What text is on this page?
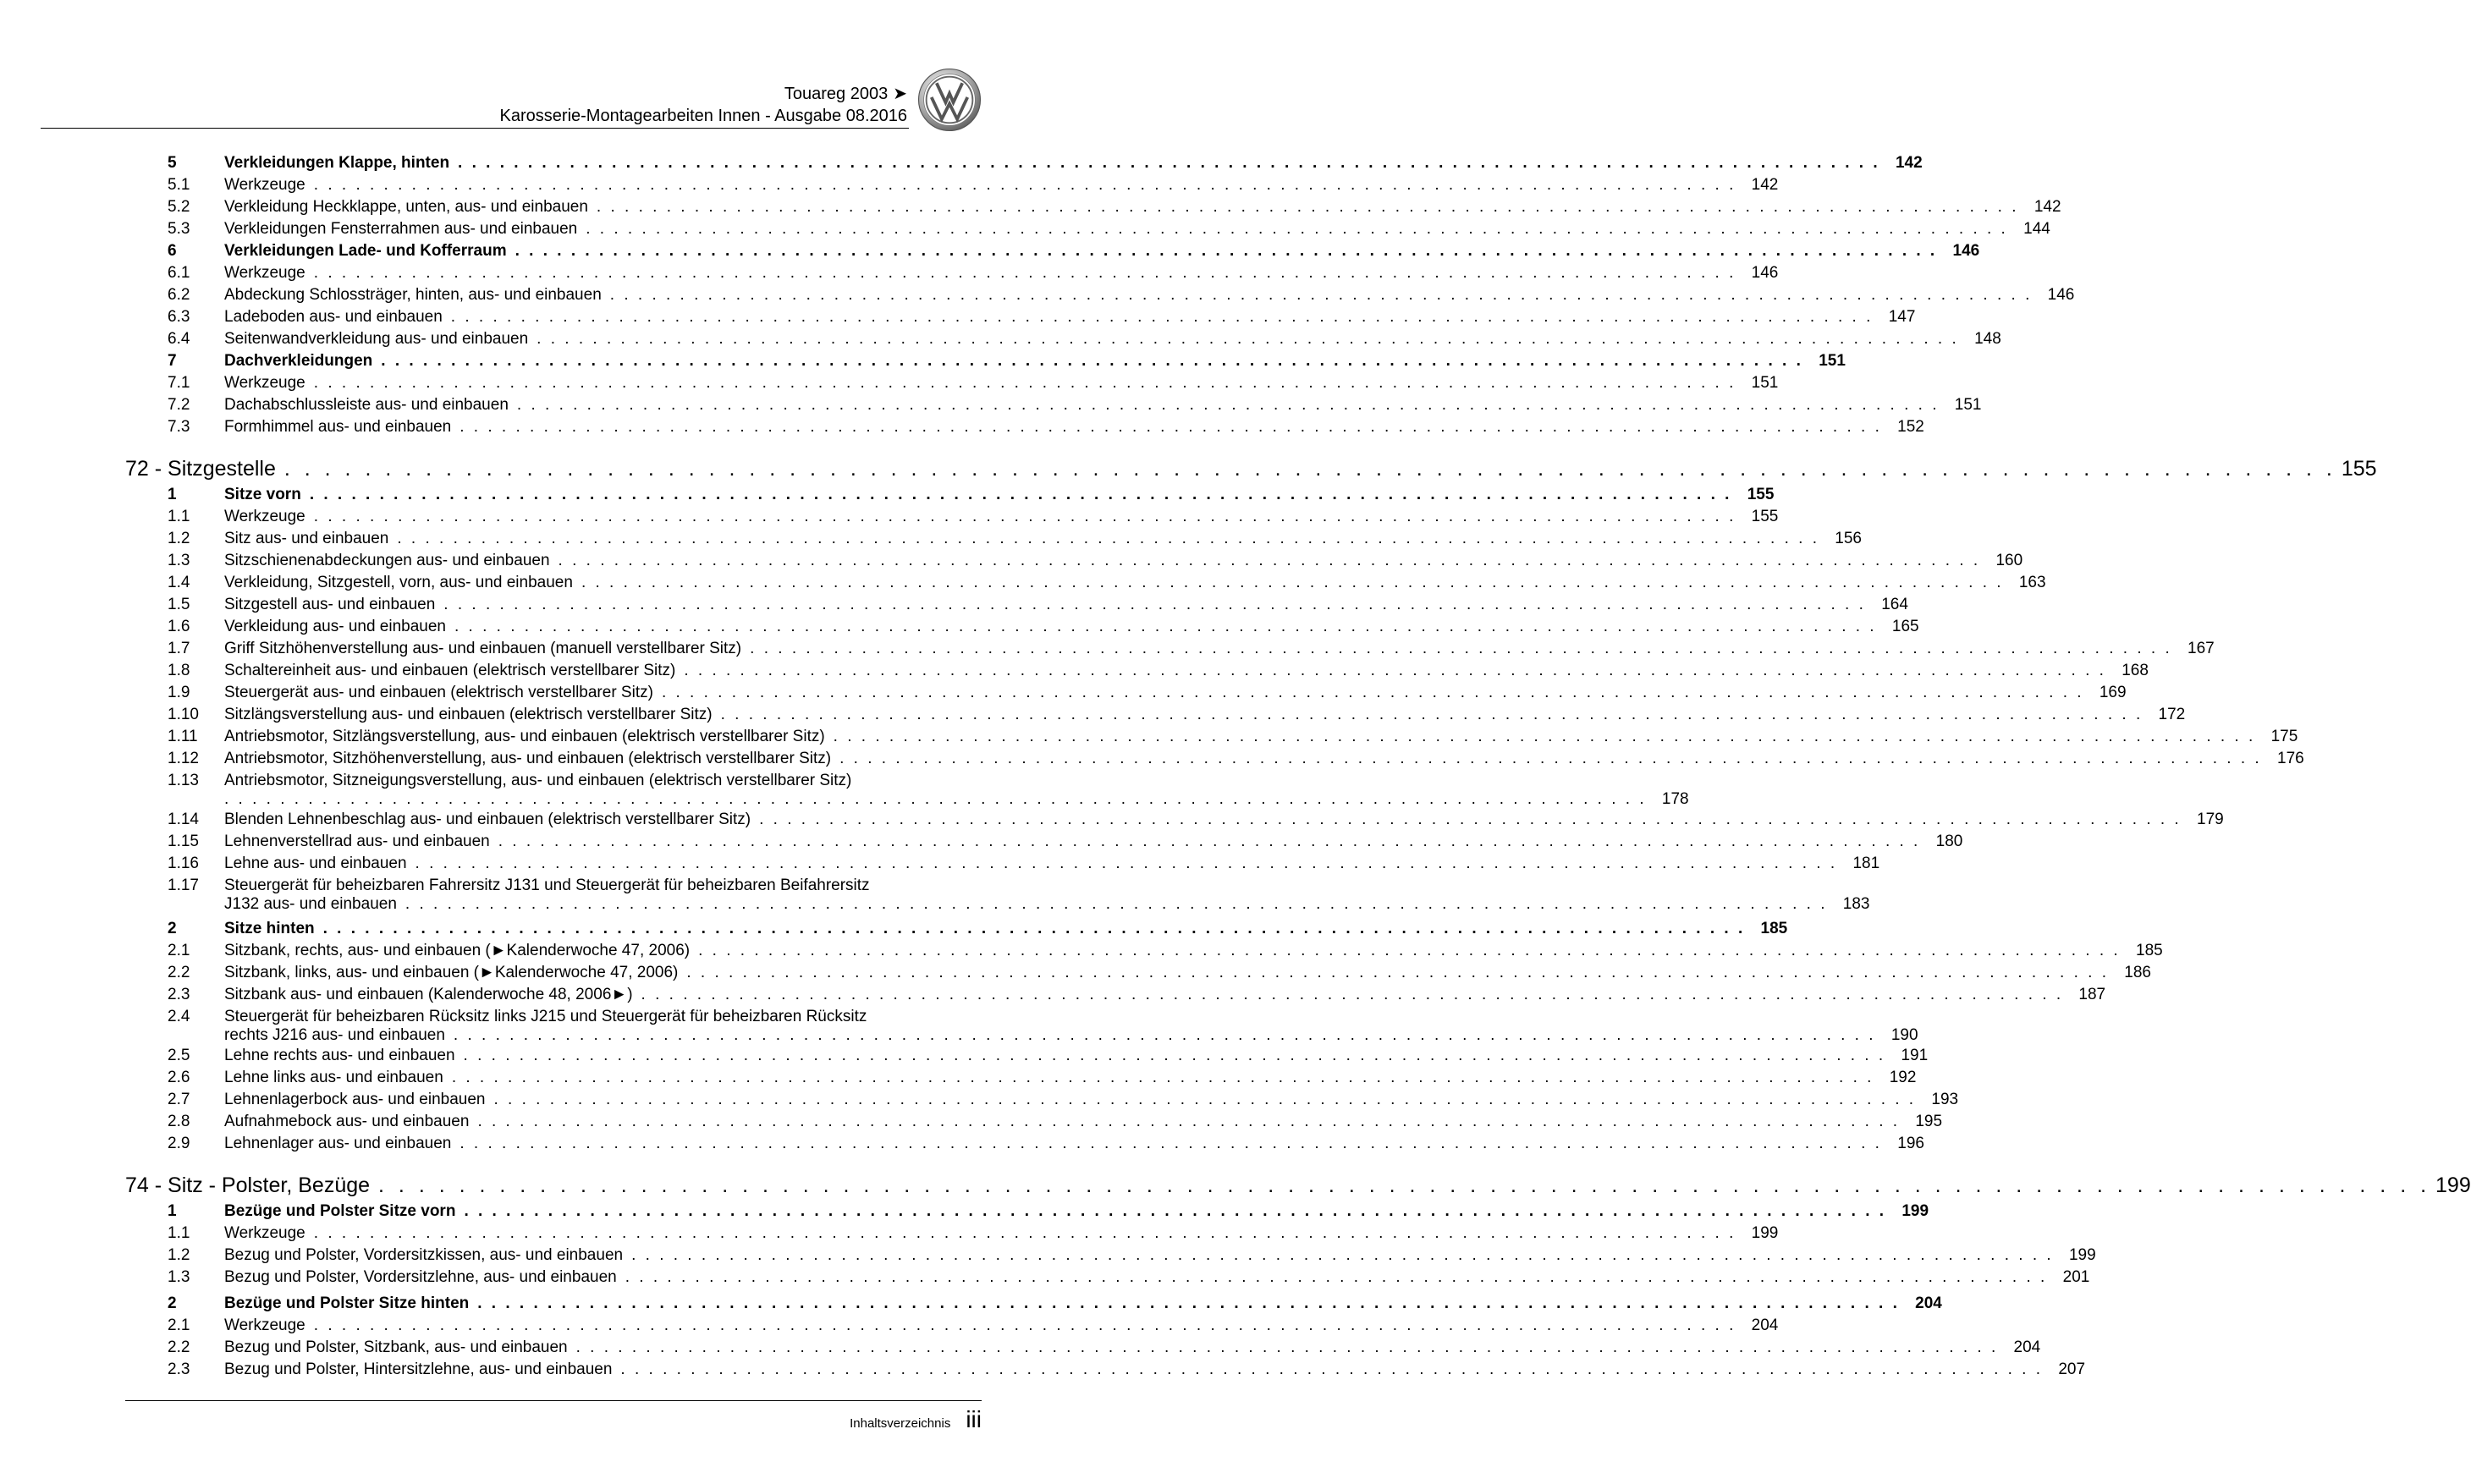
Touareg 2003 ➤
Karosserie-Montagearbeiten Innen - Ausgabe 08.2016
5	Verkleidungen Klappe, hinten . . . . . . . . . . . . . . . . . . . . . . . . . . . . . . . . . . . . . . . . . . . . . . . . . . . . . . . . . . . . . . . . . . . . . . . . . . . . . . . . . . . . . . . . . . . . . . . . . . . . . . 142
5.1	Werkzeuge . . . . . . . . . . . . . . . . . . . . . . . . . . . . . . . . . . . . . . . . . . . . . . . . . . . . . . . . . . . . . . . . . . . . . . . . . . . . . . . . . . . . . . . . . . . . . . . . . . . . . . 142
5.2	Verkleidung Heckklappe, unten, aus- und einbauen . . . . . . . . . . . . . . . . . . . . . . . . . . . . . . . . . . . . . . . . . . . . . . . . . . . . . . . . . . . . . . . . . . . . . . . . . . . . . . . . . . . . . . . . . . . . . . . . . . . . . . 142
5.3	Verkleidungen Fensterrahmen aus- und einbauen . . . . . . . . . . . . . . . . . . . . . . . . . . . . . . . . . . . . . . . . . . . . . . . . . . . . . . . . . . . . . . . . . . . . . . . . . . . . . . . . . . . . . . . . . . . . . . . . . . . . . . 144
6	Verkleidungen Lade- und Kofferraum . . . . . . . . . . . . . . . . . . . . . . . . . . . . . . . . . . . . . . . . . . . . . . . . . . . . . . . . . . . . . . . . . . . . . . . . . . . . . . . . . . . . . . . . . . . . . . . . . . . . . . 146
6.1	Werkzeuge . . . . . . . . . . . . . . . . . . . . . . . . . . . . . . . . . . . . . . . . . . . . . . . . . . . . . . . . . . . . . . . . . . . . . . . . . . . . . . . . . . . . . . . . . . . . . . . . . . . . . . 146
6.2	Abdeckung Schlossträger, hinten, aus- und einbauen . . . . . . . . . . . . . . . . . . . . . . . . . . . . . . . . . . . . . . . . . . . . . . . . . . . . . . . . . . . . . . . . . . . . . . . . . . . . . . . . . . . . . . . . . . . . . . . . . . . . . . 146
6.3	Ladeboden aus- und einbauen . . . . . . . . . . . . . . . . . . . . . . . . . . . . . . . . . . . . . . . . . . . . . . . . . . . . . . . . . . . . . . . . . . . . . . . . . . . . . . . . . . . . . . . . . . . . . . . . . . . . . . 147
6.4	Seitenwandverkleidung aus- und einbauen . . . . . . . . . . . . . . . . . . . . . . . . . . . . . . . . . . . . . . . . . . . . . . . . . . . . . . . . . . . . . . . . . . . . . . . . . . . . . . . . . . . . . . . . . . . . . . . . . . . . . . 148
7	Dachverkleidungen . . . . . . . . . . . . . . . . . . . . . . . . . . . . . . . . . . . . . . . . . . . . . . . . . . . . . . . . . . . . . . . . . . . . . . . . . . . . . . . . . . . . . . . . . . . . . . . . . . . . . . 151
7.1	Werkzeuge . . . . . . . . . . . . . . . . . . . . . . . . . . . . . . . . . . . . . . . . . . . . . . . . . . . . . . . . . . . . . . . . . . . . . . . . . . . . . . . . . . . . . . . . . . . . . . . . . . . . . . 151
7.2	Dachabschlussleiste aus- und einbauen . . . . . . . . . . . . . . . . . . . . . . . . . . . . . . . . . . . . . . . . . . . . . . . . . . . . . . . . . . . . . . . . . . . . . . . . . . . . . . . . . . . . . . . . . . . . . . . . . . . . . . 151
7.3	Formhimmel aus- und einbauen . . . . . . . . . . . . . . . . . . . . . . . . . . . . . . . . . . . . . . . . . . . . . . . . . . . . . . . . . . . . . . . . . . . . . . . . . . . . . . . . . . . . . . . . . . . . . . . . . . . . . . 152
72 - Sitzgestelle . . . . . . . . . . . . . . . . . . . . . . . . . . . . . . . . . . . . . . . . . . . . . . . . . . . . . . . . . . . . . . . . . . . . . . . . . . . . . . . . . . . . . . . . . . . . . . . . . . . . . . 155
1	Sitze vorn . . . . . . . . . . . . . . . . . . . . . . . . . . . . . . . . . . . . . . . . . . . . . . . . . . . . . . . . . . . . . . . . . . . . . . . . . . . . . . . . . . . . . . . . . . . . . . . . . . . . . . 155
1.1	Werkzeuge . . . . . . . . . . . . . . . . . . . . . . . . . . . . . . . . . . . . . . . . . . . . . . . . . . . . . . . . . . . . . . . . . . . . . . . . . . . . . . . . . . . . . . . . . . . . . . . . . . . . . . 155
1.2	Sitz aus- und einbauen . . . . . . . . . . . . . . . . . . . . . . . . . . . . . . . . . . . . . . . . . . . . . . . . . . . . . . . . . . . . . . . . . . . . . . . . . . . . . . . . . . . . . . . . . . . . . . . . . . . . . . 156
1.3	Sitzschienenabdeckungen aus- und einbauen . . . . . . . . . . . . . . . . . . . . . . . . . . . . . . . . . . . . . . . . . . . . . . . . . . . . . . . . . . . . . . . . . . . . . . . . . . . . . . . . . . . . . . . . . . . . . . . . . . . . . . 160
1.4	Verkleidung, Sitzgestell, vorn, aus- und einbauen . . . . . . . . . . . . . . . . . . . . . . . . . . . . . . . . . . . . . . . . . . . . . . . . . . . . . . . . . . . . . . . . . . . . . . . . . . . . . . . . . . . . . . . . . . . . . . . . . . . . . . 163
1.5	Sitzgestell aus- und einbauen . . . . . . . . . . . . . . . . . . . . . . . . . . . . . . . . . . . . . . . . . . . . . . . . . . . . . . . . . . . . . . . . . . . . . . . . . . . . . . . . . . . . . . . . . . . . . . . . . . . . . . 164
1.6	Verkleidung aus- und einbauen . . . . . . . . . . . . . . . . . . . . . . . . . . . . . . . . . . . . . . . . . . . . . . . . . . . . . . . . . . . . . . . . . . . . . . . . . . . . . . . . . . . . . . . . . . . . . . . . . . . . . . 165
1.7	Griff Sitzhöhenverstellung aus- und einbauen (manuell verstellbarer Sitz) . . . . . . . . . . . . . . . . . . . . . . . . . . . . . . . . . . . . . . . . . . . . . . . . . . . . . . . . . . . . . . . . . . . . . . . . . . . . . . . . . . . . . . . . . . . . . . . . . . . . . . 167
1.8	Schaltereinheit aus- und einbauen (elektrisch verstellbarer Sitz) . . . . . . . . . . . . . . . . . . . . . . . . . . . . . . . . . . . . . . . . . . . . . . . . . . . . . . . . . . . . . . . . . . . . . . . . . . . . . . . . . . . . . . . . . . . . . . . . . . . . . . 168
1.9	Steuergerät aus- und einbauen (elektrisch verstellbarer Sitz) . . . . . . . . . . . . . . . . . . . . . . . . . . . . . . . . . . . . . . . . . . . . . . . . . . . . . . . . . . . . . . . . . . . . . . . . . . . . . . . . . . . . . . . . . . . . . . . . . . . . . . 169
1.10	Sitzlängsverstellung aus- und einbauen (elektrisch verstellbarer Sitz) . . . . . . . . . . . . . . . . . . . . . . . . . . . . . . . . . . . . . . . . . . . . . . . . . . . . . . . . . . . . . . . . . . . . . . . . . . . . . . . . . . . . . . . . . . . . . . . . . . . . . . 172
1.11	Antriebsmotor, Sitzlängsverstellung, aus- und einbauen (elektrisch verstellbarer Sitz) . . . . . . . . . . . . . . . . . . . . . . . . . . . . . . . . . . . . . . . . . . . . . . . . . . . . . . . . . . . . . . . . . . . . . . . . . . . . . . . . . . . . . . . . . . . . . . . . . . . . . . 175
1.12	Antriebsmotor, Sitzhöhenverstellung, aus- und einbauen (elektrisch verstellbarer Sitz) . . . . . . . . . . . . . . . . . . . . . . . . . . . . . . . . . . . . . . . . . . . . . . . . . . . . . . . . . . . . . . . . . . . . . . . . . . . . . . . . . . . . . . . . . . . . . . . . . . . . . . 176
1.13	Antriebsmotor, Sitzneigungsverstellung, aus- und einbauen (elektrisch verstellbarer Sitz)
. . . . . . . . . . . . . . . . . . . . . . . . . . . . . . . . . . . . . . . . . . . . . . . . . . . . . . . . . . . . . . . . . . . . . . . . . . . . . . . . . . . . . . . . . . . . . . . . . . . . . . 178
1.14	Blenden Lehnenbeschlag aus- und einbauen (elektrisch verstellbarer Sitz) . . . . . . . . . . . . . . . . . . . . . . . . . . . . . . . . . . . . . . . . . . . . . . . . . . . . . . . . . . . . . . . . . . . . . . . . . . . . . . . . . . . . . . . . . . . . . . . . . . . . . . 179
1.15	Lehnenverstellrad aus- und einbauen . . . . . . . . . . . . . . . . . . . . . . . . . . . . . . . . . . . . . . . . . . . . . . . . . . . . . . . . . . . . . . . . . . . . . . . . . . . . . . . . . . . . . . . . . . . . . . . . . . . . . . 180
1.16	Lehne aus- und einbauen . . . . . . . . . . . . . . . . . . . . . . . . . . . . . . . . . . . . . . . . . . . . . . . . . . . . . . . . . . . . . . . . . . . . . . . . . . . . . . . . . . . . . . . . . . . . . . . . . . . . . . 181
1.17	Steuergerät für beheizbaren Fahrersitz J131 und Steuergerät für beheizbaren Beifahrersitz
J132 aus- und einbauen . . . . . . . . . . . . . . . . . . . . . . . . . . . . . . . . . . . . . . . . . . . . . . . . . . . . . . . . . . . . . . . . . . . . . . . . . . . . . . . . . . . . . . . . . . . . . . . . . . . . . . 183
2	Sitze hinten . . . . . . . . . . . . . . . . . . . . . . . . . . . . . . . . . . . . . . . . . . . . . . . . . . . . . . . . . . . . . . . . . . . . . . . . . . . . . . . . . . . . . . . . . . . . . . . . . . . . . . 185
2.1	Sitzbank, rechts, aus- und einbauen (►Kalenderwoche 47, 2006) . . . . . . . . . . . . . . . . . . . . . . . . . . . . . . . . . . . . . . . . . . . . . . . . . . . . . . . . . . . . . . . . . . . . . . . . . . . . . . . . . . . . . . . . . . . . . . . . . . . . . . 185
2.2	Sitzbank, links, aus- und einbauen (►Kalenderwoche 47, 2006) . . . . . . . . . . . . . . . . . . . . . . . . . . . . . . . . . . . . . . . . . . . . . . . . . . . . . . . . . . . . . . . . . . . . . . . . . . . . . . . . . . . . . . . . . . . . . . . . . . . . . . 186
2.3	Sitzbank aus- und einbauen (Kalenderwoche 48, 2006►) . . . . . . . . . . . . . . . . . . . . . . . . . . . . . . . . . . . . . . . . . . . . . . . . . . . . . . . . . . . . . . . . . . . . . . . . . . . . . . . . . . . . . . . . . . . . . . . . . . . . . . 187
2.4	Steuergerät für beheizbaren Rücksitz links J215 und Steuergerät für beheizbaren Rücksitz
rechts J216 aus- und einbauen . . . . . . . . . . . . . . . . . . . . . . . . . . . . . . . . . . . . . . . . . . . . . . . . . . . . . . . . . . . . . . . . . . . . . . . . . . . . . . . . . . . . . . . . . . . . . . . . . . . . . . 190
2.5	Lehne rechts aus- und einbauen . . . . . . . . . . . . . . . . . . . . . . . . . . . . . . . . . . . . . . . . . . . . . . . . . . . . . . . . . . . . . . . . . . . . . . . . . . . . . . . . . . . . . . . . . . . . . . . . . . . . . . 191
2.6	Lehne links aus- und einbauen . . . . . . . . . . . . . . . . . . . . . . . . . . . . . . . . . . . . . . . . . . . . . . . . . . . . . . . . . . . . . . . . . . . . . . . . . . . . . . . . . . . . . . . . . . . . . . . . . . . . . . 192
2.7	Lehnenlagerbock aus- und einbauen . . . . . . . . . . . . . . . . . . . . . . . . . . . . . . . . . . . . . . . . . . . . . . . . . . . . . . . . . . . . . . . . . . . . . . . . . . . . . . . . . . . . . . . . . . . . . . . . . . . . . . 193
2.8	Aufnahmebock aus- und einbauen . . . . . . . . . . . . . . . . . . . . . . . . . . . . . . . . . . . . . . . . . . . . . . . . . . . . . . . . . . . . . . . . . . . . . . . . . . . . . . . . . . . . . . . . . . . . . . . . . . . . . . 195
2.9	Lehnenlager aus- und einbauen . . . . . . . . . . . . . . . . . . . . . . . . . . . . . . . . . . . . . . . . . . . . . . . . . . . . . . . . . . . . . . . . . . . . . . . . . . . . . . . . . . . . . . . . . . . . . . . . . . . . . . 196
74 - Sitz - Polster, Bezüge . . . . . . . . . . . . . . . . . . . . . . . . . . . . . . . . . . . . . . . . . . . . . . . . . . . . . . . . . . . . . . . . . . . . . . . . . . . . . . . . . . . . . . . . . . . . . . . . . . . . . . 199
1	Bezüge und Polster Sitze vorn . . . . . . . . . . . . . . . . . . . . . . . . . . . . . . . . . . . . . . . . . . . . . . . . . . . . . . . . . . . . . . . . . . . . . . . . . . . . . . . . . . . . . . . . . . . . . . . . . . . . . . 199
1.1	Werkzeuge . . . . . . . . . . . . . . . . . . . . . . . . . . . . . . . . . . . . . . . . . . . . . . . . . . . . . . . . . . . . . . . . . . . . . . . . . . . . . . . . . . . . . . . . . . . . . . . . . . . . . . 199
1.2	Bezug und Polster, Vordersitzkissen, aus- und einbauen . . . . . . . . . . . . . . . . . . . . . . . . . . . . . . . . . . . . . . . . . . . . . . . . . . . . . . . . . . . . . . . . . . . . . . . . . . . . . . . . . . . . . . . . . . . . . . . . . . . . . . 199
1.3	Bezug und Polster, Vordersitzlehne, aus- und einbauen . . . . . . . . . . . . . . . . . . . . . . . . . . . . . . . . . . . . . . . . . . . . . . . . . . . . . . . . . . . . . . . . . . . . . . . . . . . . . . . . . . . . . . . . . . . . . . . . . . . . . . 201
2	Bezüge und Polster Sitze hinten . . . . . . . . . . . . . . . . . . . . . . . . . . . . . . . . . . . . . . . . . . . . . . . . . . . . . . . . . . . . . . . . . . . . . . . . . . . . . . . . . . . . . . . . . . . . . . . . . . . . . . 204
2.1	Werkzeuge . . . . . . . . . . . . . . . . . . . . . . . . . . . . . . . . . . . . . . . . . . . . . . . . . . . . . . . . . . . . . . . . . . . . . . . . . . . . . . . . . . . . . . . . . . . . . . . . . . . . . . 204
2.2	Bezug und Polster, Sitzbank, aus- und einbauen . . . . . . . . . . . . . . . . . . . . . . . . . . . . . . . . . . . . . . . . . . . . . . . . . . . . . . . . . . . . . . . . . . . . . . . . . . . . . . . . . . . . . . . . . . . . . . . . . . . . . . 204
2.3	Bezug und Polster, Hintersitzlehne, aus- und einbauen . . . . . . . . . . . . . . . . . . . . . . . . . . . . . . . . . . . . . . . . . . . . . . . . . . . . . . . . . . . . . . . . . . . . . . . . . . . . . . . . . . . . . . . . . . . . . . . . . . . . . . 207
Inhaltsverzeichnis iii
